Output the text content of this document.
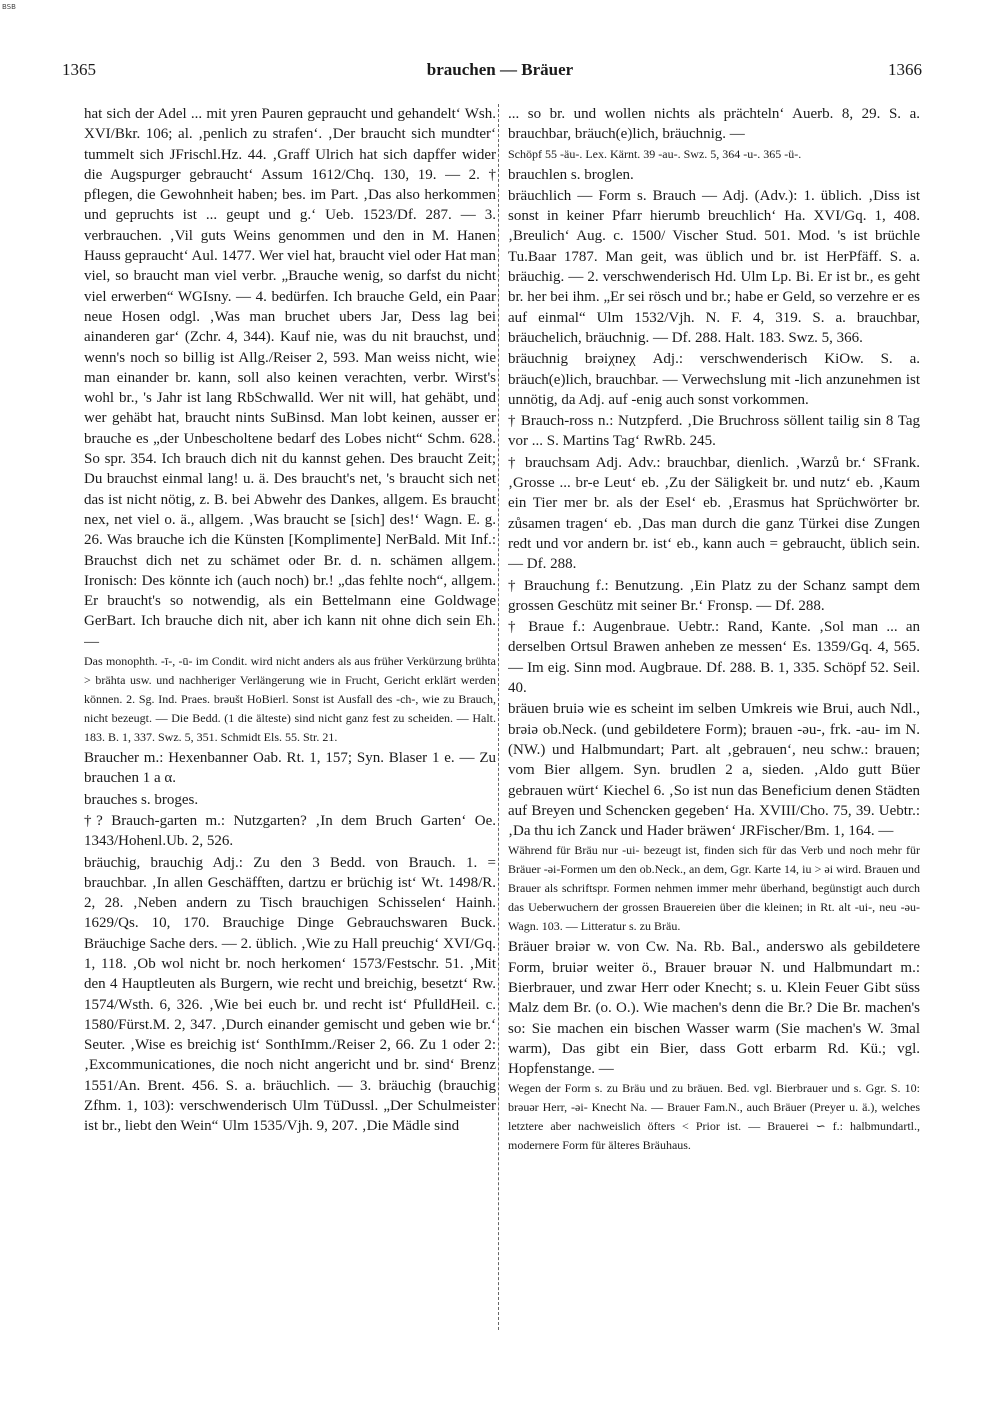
BSB
1365	brauchen — Bräuer	1366

hat sich der Adel ... mit yren Pauren gepraucht und gehandelt‘ Wsh. XVI/Bkr. 106; al. ‚penlich zu strafen‘. ‚Der braucht sich mundter‘ tummelt sich JFrischl.Hz. 44. ‚Graff Ulrich hat sich dapffer wider die Augspurger gebraucht‘ Assum 1612/Chq. 130, 19. — 2. † pflegen, die Gewohnheit haben; bes. im Part. ‚Das also herkommen und gepruchts ist ... geupt und g.‘ Ueb. 1523/Df. 287. — 3. verbrauchen. ‚Vil guts Weins genommen und den in M. Hanen Hauss gepraucht‘ Aul. 1477. Wer viel hat, braucht viel oder Hat man viel, so braucht man viel verbr. „Brauche wenig, so darfst du nicht viel erwerben“ WGIsny. — 4. bedürfen. Ich brauche Geld, ein Paar neue Hosen odgl. ‚Was man bruchet ubers Jar, Dess lag bei ainanderen gar‘ (Zchr. 4, 344). Kauf nie, was du nit brauchst, und wenn's noch so billig ist Allg./Reiser 2, 593. Man weiss nicht, wie man einander br. kann, soll also keinen verachten, verbr. Wirst's wohl br., 's Jahr ist lang RbSchwalld. Wer nit will, hat gehäbt, und wer gehäbt hat, braucht nints SuBinsd. Man lobt keinen, ausser er brauche es „der Unbescholtene bedarf des Lobes nicht“ Schm. 628. So spr. 354. Ich brauch dich nit du kannst gehen. Des braucht Zeit; Du brauchst einmal lang! u. ä. Des braucht's net, 's braucht sich net das ist nicht nötig, z. B. bei Abwehr des Dankes, allgem. Es braucht nex, net viel o. ä., allgem. ‚Was braucht se [sich] des!‘ Wagn. E. g. 26. Was brauche ich die Künsten [Komplimente] NerBald. Mit Inf.: Brauchst dich net zu schämet oder Br. d. n. schämen allgem. Ironisch: Des könnte ich (auch noch) br.! „das fehlte noch“, allgem. Er braucht's so notwendig, als ein Bettelmann eine Goldwage GerBart. Ich brauche dich nit, aber ich kann nit ohne dich sein Eh. —

Das monophth. -ī-, -ū- im Condit. wird nicht anders als aus früher Verkürzung brühta > brähta usw. und nachheriger Verlängerung wie in Frucht, Gericht erklärt werden können. 2. Sg. Ind. Praes. brəušt HoBierl. Sonst ist Ausfall des -ch-, wie zu Brauch, nicht bezeugt. — Die Bedd. (1 die älteste) sind nicht ganz fest zu scheiden. — Halt. 183. B. 1, 337. Swz. 5, 351. Schmidt Els. 55. Str. 21.

Braucher m.: Hexenbanner Oab. Rt. 1, 157; Syn. Blaser 1 e. — Zu brauchen 1 a α.

brauches s. broges.

†? Brauch-garten m.: Nutzgarten? ‚In dem Bruch Garten‘ Oe. 1343/Hohenl.Ub. 2, 526.

bräuchig, brauchig Adj.: Zu den 3 Bedd. von Brauch. 1. = brauchbar. ‚In allen Geschäfften, dartzu er brüchig ist‘ Wt. 1498/R. 2, 28. ‚Neben andern zu Tisch brauchigen Schisselen‘ Hainh. 1629/Qs. 10, 170. Brauchige Dinge Gebrauchswaren Buck. Bräuchige Sache ders. — 2. üblich. ‚Wie zu Hall preuchig‘ XVI/Gq. 1, 118. ‚Ob wol nicht br. noch herkomen‘ 1573/Festschr. 51. ‚Mit den 4 Hauptleuten als Burgern, wie recht und breichig, besetzt‘ Rw. 1574/Wsth. 6, 326. ‚Wie bei euch br. und recht ist‘ PfulldHeil. c. 1580/Fürst.M. 2, 347. ‚Durch einander gemischt und geben wie br.‘ Seuter. ‚Wise es breichig ist‘ SonthImm./Reiser 2, 66. Zu 1 oder 2: ‚Excommunicationes, die noch nicht angericht und br. sind‘ Brenz 1551/An. Brent. 456. S. a. bräuchlich. — 3. bräuchig (brauchig Zfhm. 1, 103): verschwenderisch Ulm TüDussl. „Der Schulmeister ist br., liebt den Wein“ Ulm 1535/Vjh. 9, 207. ‚Die Mädle sind

... so br. und wollen nichts als prächteln‘ Auerb. 8, 29. S. a. brauchbar, bräuch(e)lich, bräuchnig. —

Schöpf 55 -äu-. Lex. Kärnt. 39 -au-. Swz. 5, 364 -u-. 365 -ü-.

brauchlen s. broglen.

bräuchlich — Form s. Brauch — Adj. (Adv.): 1. üblich. ‚Diss ist sonst in keiner Pfarr hierumb breuchlich‘ Ha. XVI/Gq. 1, 408. ‚Breulich‘ Aug. c. 1500/ Vischer Stud. 501. Mod. 's ist brüchle Tu.Baar 1787. Man geit, was üblich und br. ist HerPfäff. S. a. bräuchig. — 2. verschwenderisch Hd. Ulm Lp. Bi. Er ist br., es geht br. her bei ihm. „Er sei rösch und br.; habe er Geld, so verzehre er es auf einmal“ Ulm 1532/Vjh. N. F. 4, 319. S. a. brauchbar, bräuchelich, bräuchnig. — Df. 288. Halt. 183. Swz. 5, 366.

bräuchnig brəiχneχ Adj.: verschwenderisch KiOw. S. a. bräuch(e)lich, brauchbar. — Verwechslung mit -lich anzunehmen ist unnötig, da Adj. auf -enig auch sonst vorkommen.

† Brauch-ross n.: Nutzpferd. ‚Die Bruchross söllent tailig sin 8 Tag vor ... S. Martins Tag‘ RwRb. 245.

† brauchsam Adj. Adv.: brauchbar, dienlich. ‚Warzů br.‘ SFrank. ‚Grosse ... br-e Leut‘ eb. ‚Zu der Säligkeit br. und nutz‘ eb. ‚Kaum ein Tier mer br. als der Esel‘ eb. ‚Erasmus hat Sprüchwörter br. zůsamen tragen‘ eb. ‚Das man durch die ganz Türkei dise Zungen redt und vor andern br. ist‘ eb., kann auch = gebraucht, üblich sein. — Df. 288.

† Brauchung f.: Benutzung. ‚Ein Platz zu der Schanz sampt dem grossen Geschütz mit seiner Br.‘ Fronsp. — Df. 288.

† Braue f.: Augenbraue. Uebtr.: Rand, Kante. ‚Sol man ... an derselben Ortsul Brawen anheben ze messen‘ Es. 1359/Gq. 4, 565. — Im eig. Sinn mod. Augbraue. Df. 288. B. 1, 335. Schöpf 52. Seil. 40.

bräuen bruiə wie es scheint im selben Umkreis wie Brui, auch Ndl., brəiə ob.Neck. (und gebildetere Form); brauen -əu-, frk. -au- im N. (NW.) und Halbmundart; Part. alt ‚gebrauen‘, neu schw.: brauen; vom Bier allgem. Syn. brudlen 2 a, sieden. ‚Aldo gutt Büer gebrauen würt‘ Kiechel 6. ‚So ist nun das Beneficium denen Städten auf Breyen und Schencken gegeben‘ Ha. XVIII/Cho. 75, 39. Uebtr.: ‚Da thu ich Zanck und Hader bräwen‘ JRFischer/Bm. 1, 164. —

Während für Bräu nur -ui- bezeugt ist, finden sich für das Verb und noch mehr für Bräuer -əi-Formen um den ob.Neck., an dem, Ggr. Karte 14, iu > əi wird. Brauen und Brauer als schriftspr. Formen nehmen immer mehr überhand, begünstigt auch durch das Ueberwuchern der grossen Brauereien über die kleinen; in Rt. alt -ui-, neu -əu- Wagn. 103. — Litteratur s. zu Bräu.

Bräuer brəiər w. von Cw. Na. Rb. Bal., anderswo als gebildetere Form, bruiər weiter ö., Brauer brəuər N. und Halbmundart m.: Bierbrauer, und zwar Herr oder Knecht; s. u. Klein Feuer Gibt süss Malz dem Br. (o. O.). Wie machen's denn die Br.? Die Br. machen's so: Sie machen ein bischen Wasser warm (Sie machen's W. 3mal warm), Das gibt ein Bier, dass Gott erbarm Rd. Kü.; vgl. Hopfenstange. —

Wegen der Form s. zu Bräu und zu bräuen. Bed. vgl. Bierbrauer und s. Ggr. S. 10: brəuər Herr, -əi- Knecht Na. — Brauer Fam.N., auch Bräuer (Preyer u. ä.), welches letztere aber nachweislich öfters < Prior ist. — Brauerei ∽ f.: halbmundartl., modernere Form für älteres Bräuhaus.
